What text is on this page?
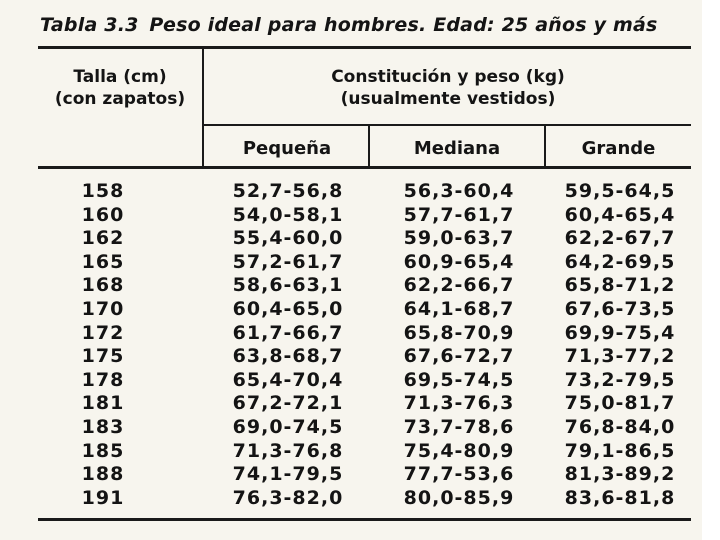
Tabla 3.3 Peso ideal para hombres. Edad: 25 años y más
Talla (cm)
(con zapatos)
Constitución y peso (kg)
(usualmente vestidos)
Pequeña	Mediana	Grande
158	52,7-56,8	56,3-60,4	59,5-64,5
160	54,0-58,1	57,7-61,7	60,4-65,4
162	55,4-60,0	59,0-63,7	62,2-67,7
165	57,2-61,7	60,9-65,4	64,2-69,5
168	58,6-63,1	62,2-66,7	65,8-71,2
170	60,4-65,0	64,1-68,7	67,6-73,5
172	61,7-66,7	65,8-70,9	69,9-75,4
175	63,8-68,7	67,6-72,7	71,3-77,2
178	65,4-70,4	69,5-74,5	73,2-79,5
181	67,2-72,1	71,3-76,3	75,0-81,7
183	69,0-74,5	73,7-78,6	76,8-84,0
185	71,3-76,8	75,4-80,9	79,1-86,5
188	74,1-79,5	77,7-53,6	81,3-89,2
191	76,3-82,0	80,0-85,9	83,6-81,8
